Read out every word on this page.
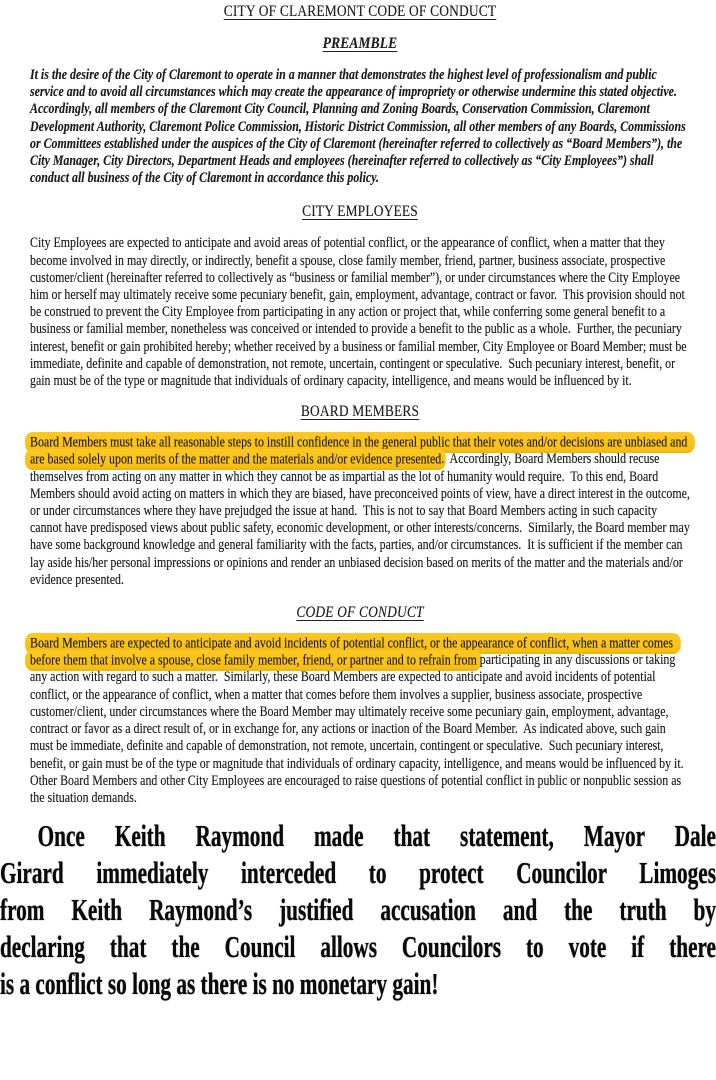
CITY OF CLAREMONT CODE OF CONDUCT
PREAMBLE

It is the desire of the City of Claremont to operate in a manner that demonstrates the highest level of professionalism and public service and to avoid all circumstances which may create the appearance of impropriety or otherwise undermine this stated objective.  Accordingly, all members of the Claremont City Council, Planning and Zoning Boards, Conservation Commission, Claremont Development Authority, Claremont Police Commission, Historic District Commission, all other members of any Boards, Commissions or Committees established under the auspices of the City of Claremont (hereinafter referred to collectively as “Board Members”), the City Manager, City Directors, Department Heads and employees (hereinafter referred to collectively as “City Employees”) shall conduct all business of the City of Claremont in accordance this policy.

CITY EMPLOYEES

City Employees are expected to anticipate and avoid areas of potential conflict, or the appearance of conflict, when a matter that they become involved in may directly, or indirectly, benefit a spouse, close family member, friend, partner, business associate, prospective customer/client (hereinafter referred to collectively as “business or familial member”), or under circumstances where the City Employee him or herself may ultimately receive some pecuniary benefit, gain, employment, advantage, contract or favor.  This provision should not be construed to prevent the City Employee from participating in any action or project that, while conferring some general benefit to a business or familial member, nonetheless was conceived or intended to provide a benefit to the public as a whole.  Further, the pecuniary interest, benefit or gain prohibited hereby; whether received by a business or familial member, City Employee or Board Member; must be immediate, definite and capable of demonstration, not remote, uncertain, contingent or speculative.  Such pecuniary interest, benefit, or gain must be of the type or magnitude that individuals of ordinary capacity, intelligence, and means would be influenced by it.

BOARD MEMBERS

Board Members must take all reasonable steps to instill confidence in the general public that their votes and/or decisions are unbiased and are based solely upon merits of the matter and the materials and/or evidence presented.  Accordingly, Board Members should recuse themselves from acting on any matter in which they cannot be as impartial as the lot of humanity would require.  To this end, Board Members should avoid acting on matters in which they are biased, have preconceived points of view, have a direct interest in the outcome, or under circumstances where they have prejudged the issue at hand.  This is not to say that Board Members acting in such capacity cannot have predisposed views about public safety, economic development, or other interests/concerns.  Similarly, the Board member may have some background knowledge and general familiarity with the facts, parties, and/or circumstances.  It is sufficient if the member can lay aside his/her personal impressions or opinions and render an unbiased decision based on merits of the matter and the materials and/or evidence presented.

CODE OF CONDUCT

Board Members are expected to anticipate and avoid incidents of potential conflict, or the appearance of conflict, when a matter comes before them that involve a spouse, close family member, friend, or partner and to refrain from participating in any discussions or taking any action with regard to such a matter.  Similarly, these Board Members are expected to anticipate and avoid incidents of potential conflict, or the appearance of conflict, when a matter that comes before them involves a supplier, business associate, prospective customer/client, under circumstances where the Board Member may ultimately receive some pecuniary gain, employment, advantage, contract or favor as a direct result of, or in exchange for, any actions or inaction of the Board Member.  As indicated above, such gain must be immediate, definite and capable of demonstration, not remote, uncertain, contingent or speculative.  Such pecuniary interest, benefit, or gain must be of the type or magnitude that individuals of ordinary capacity, intelligence, and means would be influenced by it. Other Board Members and other City Employees are encouraged to raise questions of potential conflict in public or nonpublic session as the situation demands.

Once Keith Raymond made that statement, Mayor Dale
Girard immediately interceded to protect Councilor Limoges
from Keith Raymond’s justified accusation and the truth by
declaring that the Council allows Councilors to vote if there
is a conflict so long as there is no monetary gain!
